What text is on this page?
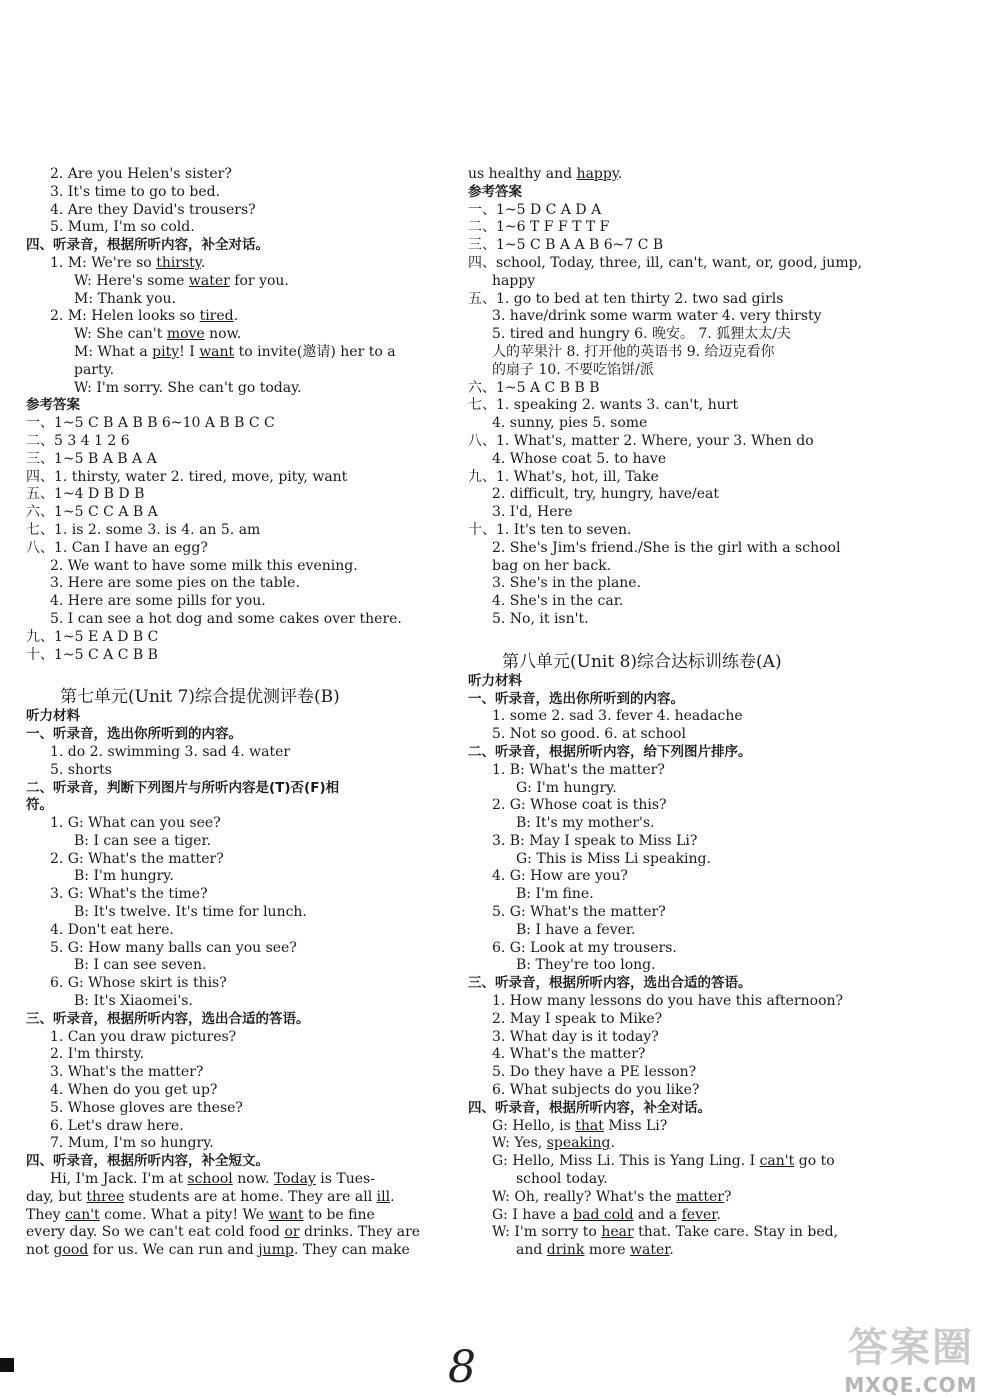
2. Are you Helen's sister?
3. It's time to go to bed.
4. Are they David's trousers?
5. Mum, I'm so cold.
四、听录音，根据所听内容，补全对话。
1. M: We're so thirsty.
W: Here's some water for you.
M: Thank you.
2. M: Helen looks so tired.
W: She can't move now.
M: What a pity! I want to invite(邀请) her to a
party.
W: I'm sorry. She can't go today.
参考答案
一、1~5 C B A B B 6~10 A B B C C
二、5 3 4 1 2 6
三、1~5 B A B A A
四、1. thirsty, water 2. tired, move, pity, want
五、1~4 D B D B
六、1~5 C C A B A
七、1. is 2. some 3. is 4. an 5. am
八、1. Can I have an egg?
2. We want to have some milk this evening.
3. Here are some pies on the table.
4. Here are some pills for you.
5. I can see a hot dog and some cakes over there.
九、1~5 E A D B C
十、1~5 C A C B B
第七单元(Unit 7)综合提优测评卷(B)
听力材料
一、听录音，选出你所听到的内容。
1. do 2. swimming 3. sad 4. water
5. shorts
二、听录音，判断下列图片与所听内容是(T)否(F)相
符。
1. G: What can you see?
B: I can see a tiger.
2. G: What's the matter?
B: I'm hungry.
3. G: What's the time?
B: It's twelve. It's time for lunch.
4. Don't eat here.
5. G: How many balls can you see?
B: I can see seven.
6. G: Whose skirt is this?
B: It's Xiaomei's.
三、听录音，根据所听内容，选出合适的答语。
1. Can you draw pictures?
2. I'm thirsty.
3. What's the matter?
4. When do you get up?
5. Whose gloves are these?
6. Let's draw here.
7. Mum, I'm so hungry.
四、听录音，根据所听内容，补全短文。
Hi, I'm Jack. I'm at school now. Today is Tues-
day, but three students are at home. They are all ill.
They can't come. What a pity! We want to be fine
every day. So we can't eat cold food or drinks. They are
not good for us. We can run and jump. They can make
us healthy and happy.
参考答案
一、1~5 D C A D A
二、1~6 T F F T T F
三、1~5 C B A A B 6~7 C B
四、school, Today, three, ill, can't, want, or, good, jump,
happy
五、1. go to bed at ten thirty 2. two sad girls
3. have/drink some warm water 4. very thirsty
5. tired and hungry 6. 晚安。 7. 狐狸太太/夫
人的苹果汁 8. 打开他的英语书 9. 给迈克看你
的扇子 10. 不要吃馅饼/派
六、1~5 A C B B B
七、1. speaking 2. wants 3. can't, hurt
4. sunny, pies 5. some
八、1. What's, matter 2. Where, your 3. When do
4. Whose coat 5. to have
九、1. What's, hot, ill, Take
2. difficult, try, hungry, have/eat
3. I'd, Here
十、1. It's ten to seven.
2. She's Jim's friend./She is the girl with a school
bag on her back.
3. She's in the plane.
4. She's in the car.
5. No, it isn't.
第八单元(Unit 8)综合达标训练卷(A)
听力材料
一、听录音，选出你所听到的内容。
1. some 2. sad 3. fever 4. headache
5. Not so good. 6. at school
二、听录音，根据所听内容，给下列图片排序。
1. B: What's the matter?
G: I'm hungry.
2. G: Whose coat is this?
B: It's my mother's.
3. B: May I speak to Miss Li?
G: This is Miss Li speaking.
4. G: How are you?
B: I'm fine.
5. G: What's the matter?
B: I have a fever.
6. G: Look at my trousers.
B: They're too long.
三、听录音，根据所听内容，选出合适的答语。
1. How many lessons do you have this afternoon?
2. May I speak to Mike?
3. What day is it today?
4. What's the matter?
5. Do they have a PE lesson?
6. What subjects do you like?
四、听录音，根据所听内容，补全对话。
G: Hello, is that Miss Li?
W: Yes, speaking.
G: Hello, Miss Li. This is Yang Ling. I can't go to
school today.
W: Oh, really? What's the matter?
G: I have a bad cold and a fever.
W: I'm sorry to hear that. Take care. Stay in bed,
and drink more water.
8	答案圈
MXQE.COM
